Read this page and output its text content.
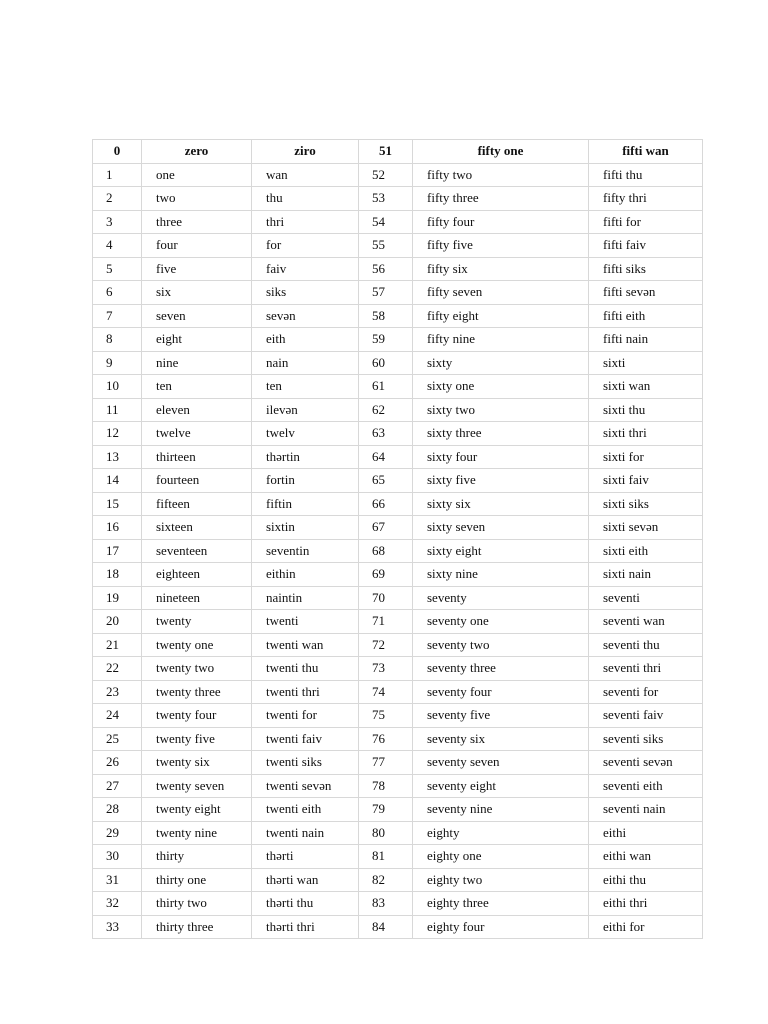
0	zero	ziro	51	fifty one	fifti wan
1	one	wan	52	fifty two	fifti thu
2	two	thu	53	fifty three	fifty thri
3	three	thri	54	fifty four	fifti for
4	four	for	55	fifty five	fifti faiv
5	five	faiv	56	fifty six	fifti siks
6	six	siks	57	fifty seven	fifti sevən
7	seven	sevən	58	fifty eight	fifti eith
8	eight	eith	59	fifty nine	fifti nain
9	nine	nain	60	sixty	sixti
10	ten	ten	61	sixty one	sixti wan
11	eleven	ilevən	62	sixty two	sixti thu
12	twelve	twelv	63	sixty three	sixti thri
13	thirteen	thərtin	64	sixty four	sixti for
14	fourteen	fortin	65	sixty five	sixti faiv
15	fifteen	fiftin	66	sixty six	sixti siks
16	sixteen	sixtin	67	sixty seven	sixti sevən
17	seventeen	seventin	68	sixty eight	sixti eith
18	eighteen	eithin	69	sixty nine	sixti nain
19	nineteen	naintin	70	seventy	seventi
20	twenty	twenti	71	seventy one	seventi wan
21	twenty one	twenti wan	72	seventy two	seventi thu
22	twenty two	twenti thu	73	seventy three	seventi thri
23	twenty three	twenti thri	74	seventy four	seventi for
24	twenty four	twenti for	75	seventy five	seventi faiv
25	twenty five	twenti faiv	76	seventy six	seventi siks
26	twenty six	twenti siks	77	seventy seven	seventi sevən
27	twenty seven	twenti sevən	78	seventy eight	seventi eith
28	twenty eight	twenti eith	79	seventy nine	seventi nain
29	twenty nine	twenti nain	80	eighty	eithi
30	thirty	thərti	81	eighty one	eithi wan
31	thirty one	thərti wan	82	eighty two	eithi thu
32	thirty two	thərti thu	83	eighty three	eithi thri
33	thirty three	thərti thri	84	eighty four	eithi for
